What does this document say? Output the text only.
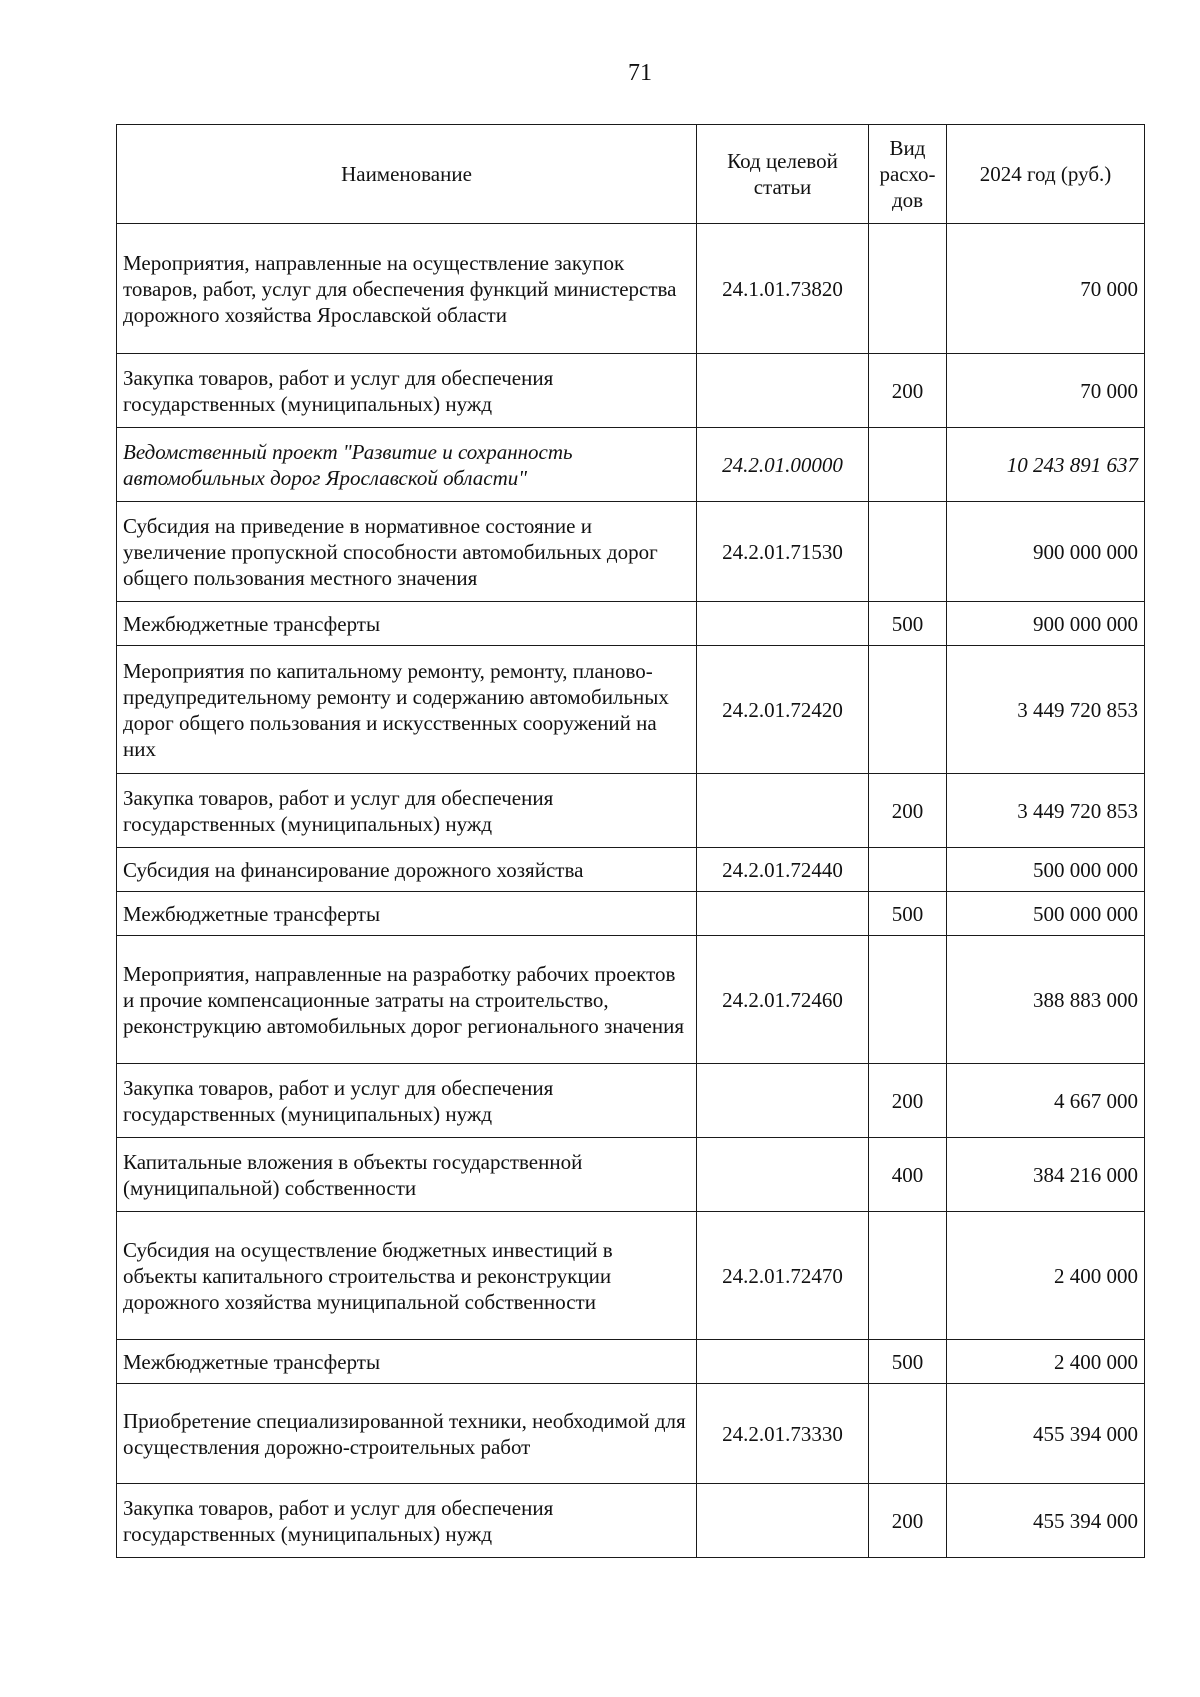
71
Наименование	Код целевой статьи	Вид расхо-дов	2024 год (руб.)
Мероприятия, направленные на осуществление закупок товаров, работ, услуг для обеспечения функций министерства дорожного хозяйства Ярославской области	24.1.01.73820		70 000
Закупка товаров, работ и услуг для обеспечения государственных (муниципальных) нужд		200	70 000
Ведомственный проект "Развитие и сохранность автомобильных дорог Ярославской области"	24.2.01.00000		10 243 891 637
Субсидия на приведение в нормативное состояние и увеличение пропускной способности автомобильных дорог общего пользования местного значения	24.2.01.71530		900 000 000
Межбюджетные трансферты		500	900 000 000
Мероприятия по капитальному ремонту, ремонту, планово-предупредительному ремонту и содержанию автомобильных дорог общего пользования и искусственных сооружений на них	24.2.01.72420		3 449 720 853
Закупка товаров, работ и услуг для обеспечения государственных (муниципальных) нужд		200	3 449 720 853
Субсидия на финансирование дорожного хозяйства	24.2.01.72440		500 000 000
Межбюджетные трансферты		500	500 000 000
Мероприятия, направленные на разработку рабочих проектов и прочие компенсационные затраты на строительство, реконструкцию автомобильных дорог регионального значения	24.2.01.72460		388 883 000
Закупка товаров, работ и услуг для обеспечения государственных (муниципальных) нужд		200	4 667 000
Капитальные вложения в объекты государственной (муниципальной) собственности		400	384 216 000
Субсидия на осуществление бюджетных инвестиций в объекты капитального строительства и реконструкции дорожного хозяйства муниципальной собственности	24.2.01.72470		2 400 000
Межбюджетные трансферты		500	2 400 000
Приобретение специализированной техники, необходимой для осуществления дорожно-строительных работ	24.2.01.73330		455 394 000
Закупка товаров, работ и услуг для обеспечения государственных (муниципальных) нужд		200	455 394 000
